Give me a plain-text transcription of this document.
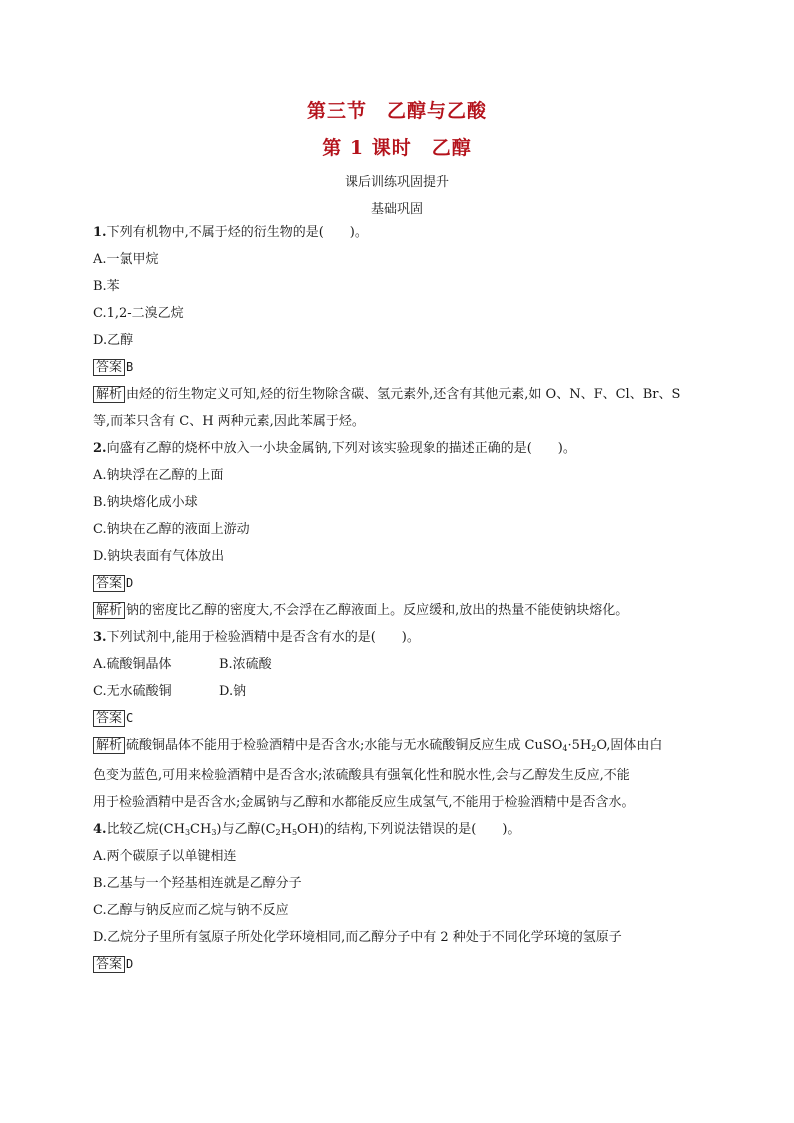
第三节　乙醇与乙酸
第 1 课时　乙醇
课后训练巩固提升
基础巩固
1.下列有机物中,不属于烃的衍生物的是(　　)。
A.一氯甲烷
B.苯
C.1,2-二溴乙烷
D.乙醇
答案 B
解析 由烃的衍生物定义可知,烃的衍生物除含碳、氢元素外,还含有其他元素,如 O、N、F、Cl、Br、S
等,而苯只含有 C、H 两种元素,因此苯属于烃。
2.向盛有乙醇的烧杯中放入一小块金属钠,下列对该实验现象的描述正确的是(　　)。
A.钠块浮在乙醇的上面
B.钠块熔化成小球
C.钠块在乙醇的液面上游动
D.钠块表面有气体放出
答案 D
解析 钠的密度比乙醇的密度大,不会浮在乙醇液面上。反应缓和,放出的热量不能使钠块熔化。
3.下列试剂中,能用于检验酒精中是否含有水的是(　　)。
A.硫酸铜晶体	B.浓硫酸
C.无水硫酸铜	D.钠
答案 C
解析 硫酸铜晶体不能用于检验酒精中是否含水;水能与无水硫酸铜反应生成 CuSO4·5H2O,固体由白
色变为蓝色,可用来检验酒精中是否含水;浓硫酸具有强氧化性和脱水性,会与乙醇发生反应,不能
用于检验酒精中是否含水;金属钠与乙醇和水都能反应生成氢气,不能用于检验酒精中是否含水。
4.比较乙烷(CH3CH3)与乙醇(C2H5OH)的结构,下列说法错误的是(　　)。
A.两个碳原子以单键相连
B.乙基与一个羟基相连就是乙醇分子
C.乙醇与钠反应而乙烷与钠不反应
D.乙烷分子里所有氢原子所处化学环境相同,而乙醇分子中有 2 种处于不同化学环境的氢原子
答案 D
